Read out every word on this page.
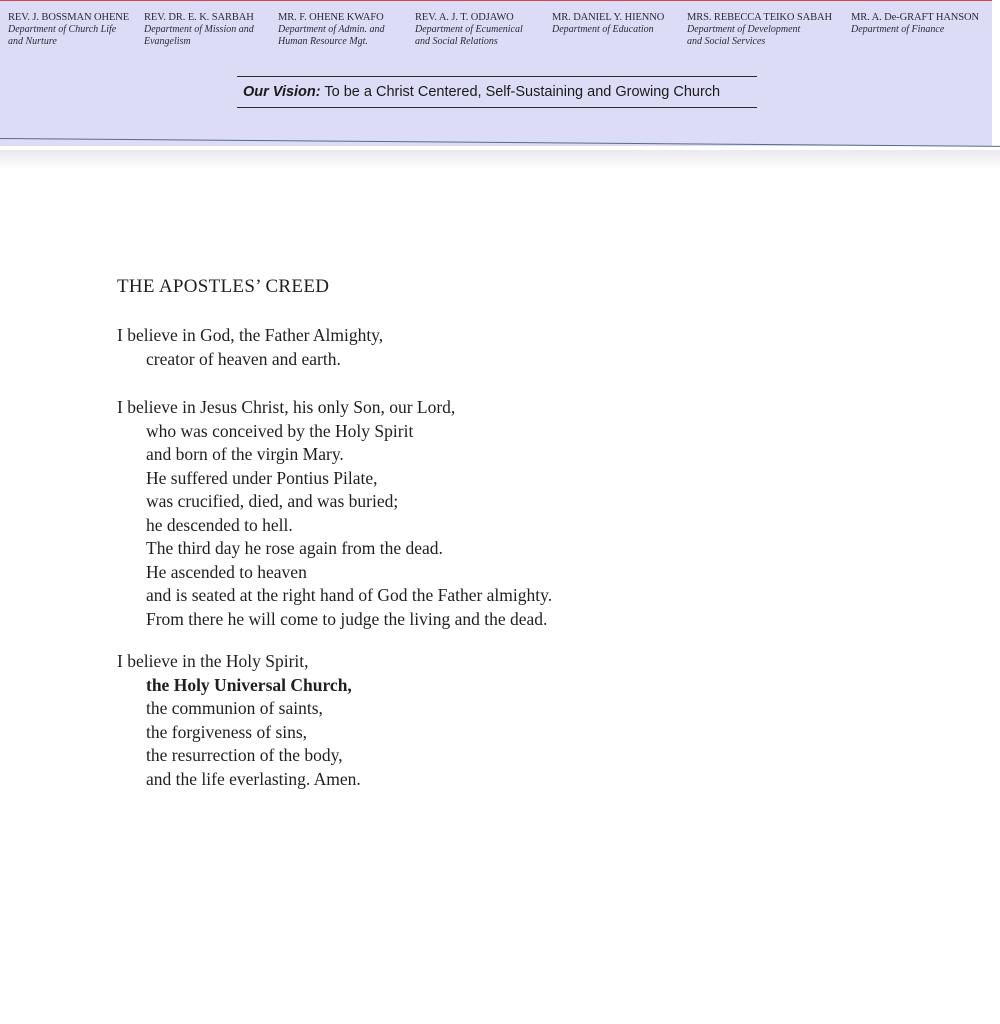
REV. J. BOSSMAN OHENE
Department of Church Life
and Nurture
REV. DR. E. K. SARBAH
Department of Mission and
Evangelism
MR. F. OHENE KWAFO
Department of Admin. and
Human Resource Mgt.
REV. A. J. T. ODJAWO
Department of Ecumenical
and Social Relations
MR. DANIEL Y. HIENNO
Department of Education
MRS. REBECCA TEIKO SABAH
Department of Development
and Social Services
MR. A. De-GRAFT HANSON
Department of Finance
Our Vision: To be a Christ Centered, Self-Sustaining and Growing Church
THE APOSTLES’ CREED
I believe in God, the Father Almighty,
creator of heaven and earth.
I believe in Jesus Christ, his only Son, our Lord,
who was conceived by the Holy Spirit
and born of the virgin Mary.
He suffered under Pontius Pilate,
was crucified, died, and was buried;
he descended to hell.
The third day he rose again from the dead.
He ascended to heaven
and is seated at the right hand of God the Father almighty.
From there he will come to judge the living and the dead.
I believe in the Holy Spirit,
the Holy Universal Church,
the communion of saints,
the forgiveness of sins,
the resurrection of the body,
and the life everlasting. Amen.
